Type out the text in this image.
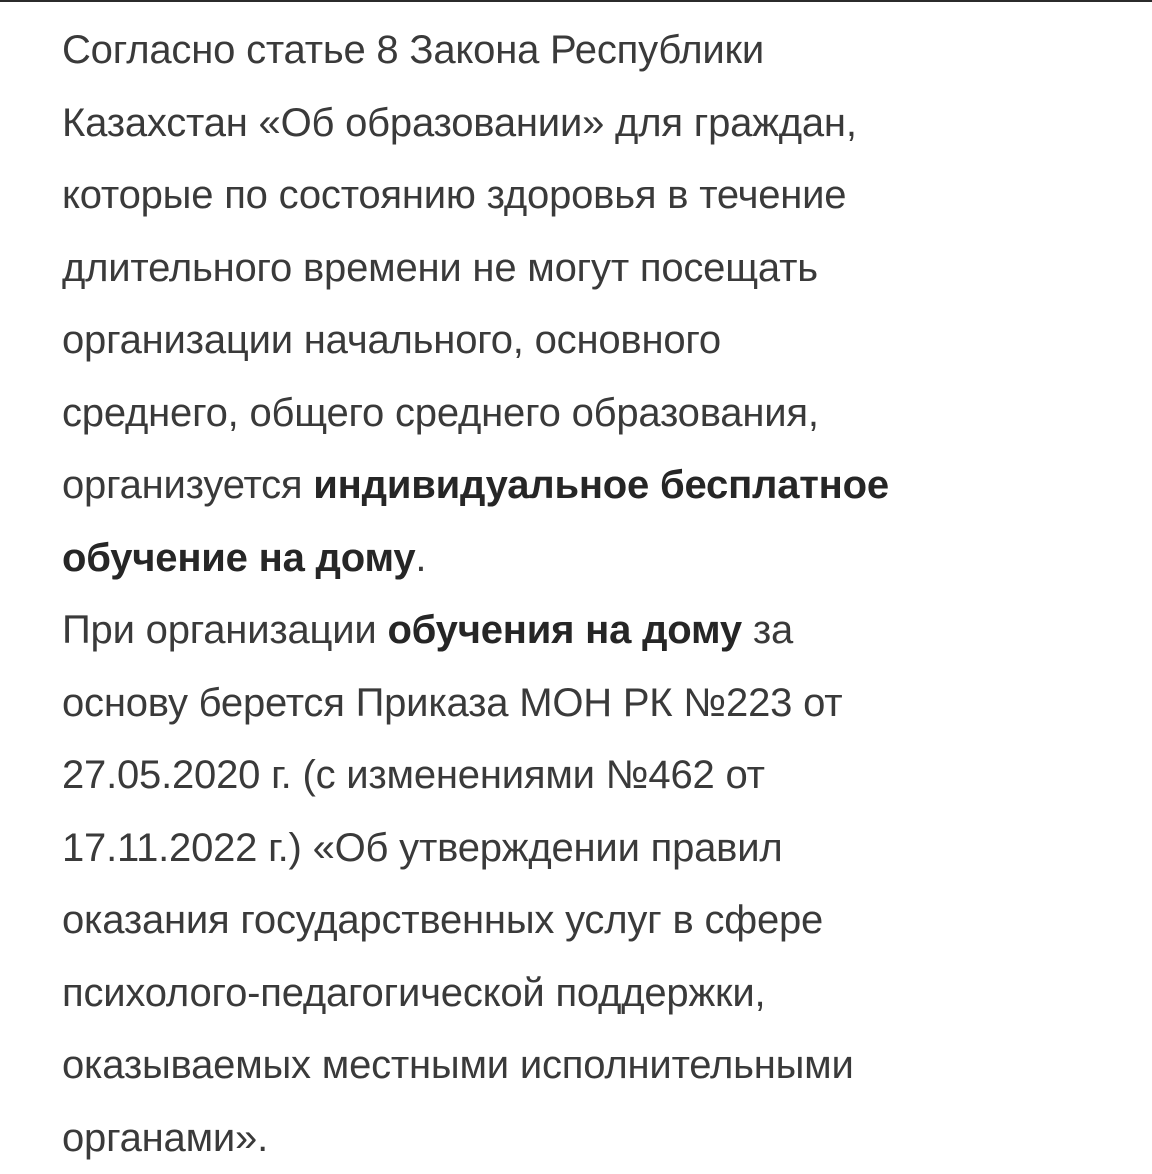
Согласно статье 8 Закона Республики
Казахстан «Об образовании» для граждан,
которые по состоянию здоровья в течение
длительного времени не могут посещать
организации начального, основного
среднего, общего среднего образования,
организуется индивидуальное бесплатное
обучение на дому.

При организации обучения на дому за
основу берется Приказа МОН РК №223 от
27.05.2020 г. (с изменениями №462 от
17.11.2022 г.) «Об утверждении правил
оказания государственных услуг в сфере
психолого-педагогической поддержки,
оказываемых местными исполнительными
органами».
